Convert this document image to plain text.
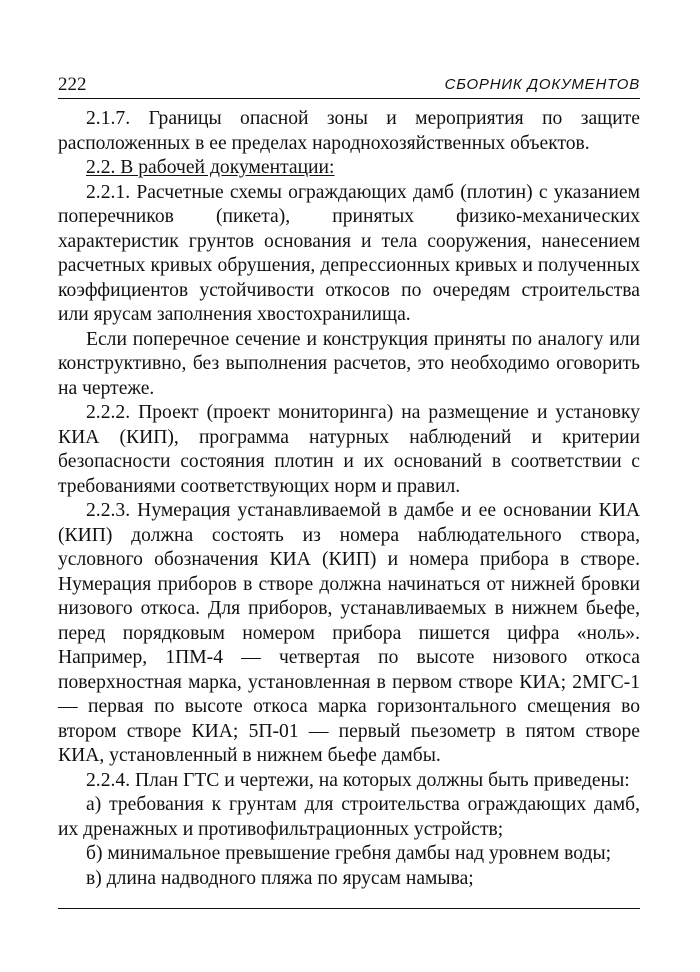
222	СБОРНИК ДОКУМЕНТОВ

2.1.7. Границы опасной зоны и мероприятия по защите расположенных в ее пределах народнохозяйственных объектов.

2.2. В рабочей документации:

2.2.1. Расчетные схемы ограждающих дамб (плотин) с указанием поперечников (пикета), принятых физико-механических характеристик грунтов основания и тела сооружения, нанесением расчетных кривых обрушения, депрессионных кривых и полученных коэффициентов устойчивости откосов по очередям строительства или ярусам заполнения хвостохранилища.

Если поперечное сечение и конструкция приняты по аналогу или конструктивно, без выполнения расчетов, это необходимо оговорить на чертеже.

2.2.2. Проект (проект мониторинга) на размещение и установку КИА (КИП), программа натурных наблюдений и критерии безопасности состояния плотин и их оснований в соответствии с требованиями соответствующих норм и правил.

2.2.3. Нумерация устанавливаемой в дамбе и ее основании КИА (КИП) должна состоять из номера наблюдательного створа, условного обозначения КИА (КИП) и номера прибора в створе. Нумерация приборов в створе должна начинаться от нижней бровки низового откоса. Для приборов, устанавливаемых в нижнем бьефе, перед порядковым номером прибора пишется цифра «ноль». Например, 1ПМ-4 — четвертая по высоте низового откоса поверхностная марка, установленная в первом створе КИА; 2МГС-1 — первая по высоте откоса марка горизонтального смещения во втором створе КИА; 5П-01 — первый пьезометр в пятом створе КИА, установленный в нижнем бьефе дамбы.

2.2.4. План ГТС и чертежи, на которых должны быть приведены:

а) требования к грунтам для строительства ограждающих дамб, их дренажных и противофильтрационных устройств;

б) минимальное превышение гребня дамбы над уровнем воды;

в) длина надводного пляжа по ярусам намыва;
